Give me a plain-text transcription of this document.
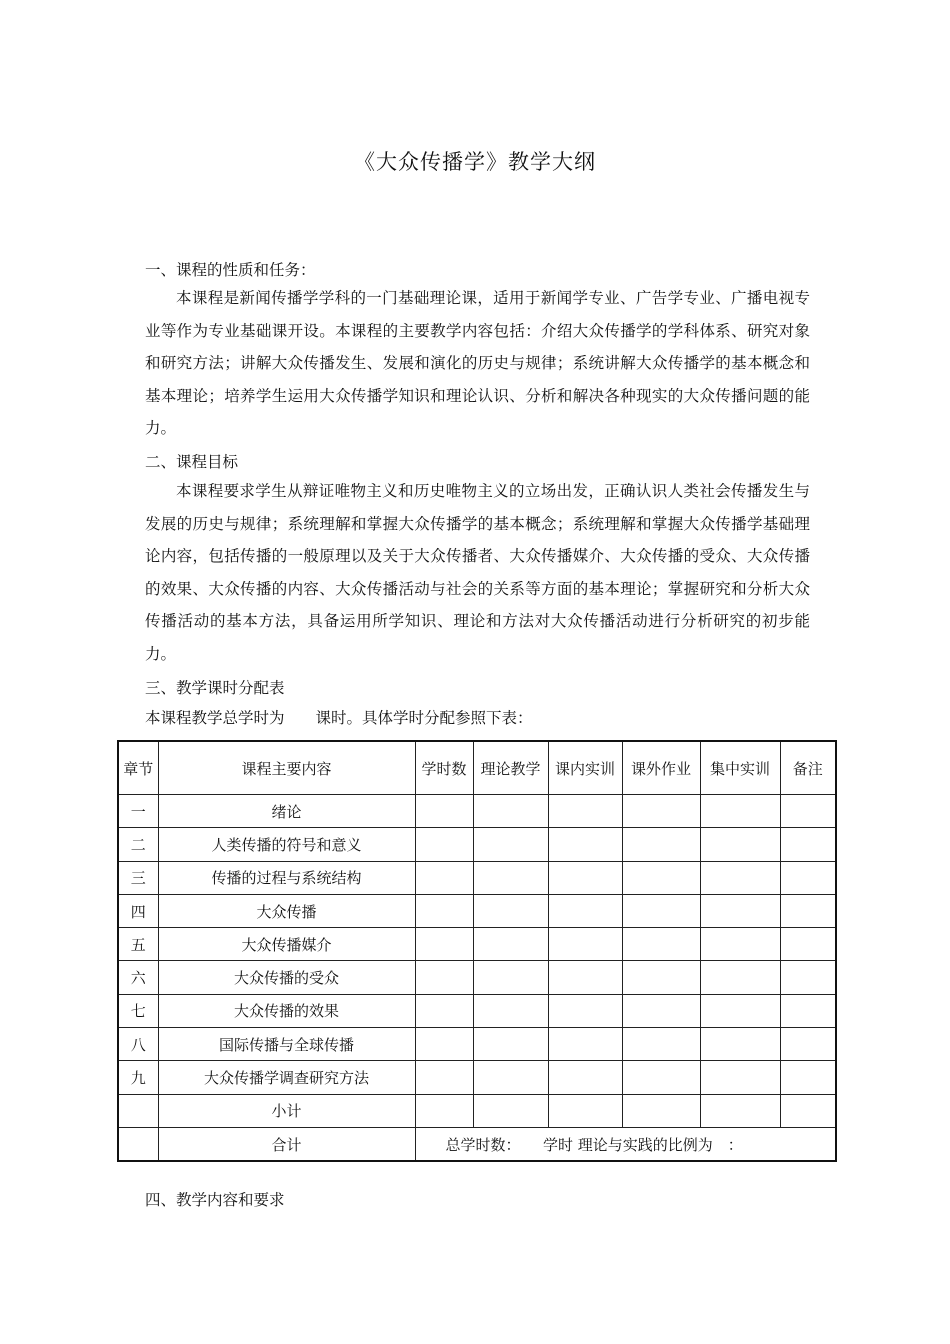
《大众传播学》教学大纲
一、课程的性质和任务：
本课程是新闻传播学学科的一门基础理论课，适用于新闻学专业、广告学专业、广播电视专业等作为专业基础课开设。本课程的主要教学内容包括：介绍大众传播学的学科体系、研究对象和研究方法；讲解大众传播发生、发展和演化的历史与规律；系统讲解大众传播学的基本概念和基本理论；培养学生运用大众传播学知识和理论认识、分析和解决各种现实的大众传播问题的能力。
二、课程目标
本课程要求学生从辩证唯物主义和历史唯物主义的立场出发，正确认识人类社会传播发生与发展的历史与规律；系统理解和掌握大众传播学的基本概念；系统理解和掌握大众传播学基础理论内容，包括传播的一般原理以及关于大众传播者、大众传播媒介、大众传播的受众、大众传播的效果、大众传播的内容、大众传播活动与社会的关系等方面的基本理论；掌握研究和分析大众传播活动的基本方法，具备运用所学知识、理论和方法对大众传播活动进行分析研究的初步能力。
三、教学课时分配表
本课程教学总学时为　　课时。具体学时分配参照下表：
章节	课程主要内容	学时数	理论教学	课内实训	课外作业	集中实训	备注
一	绪论						
二	人类传播的符号和意义						
三	传播的过程与系统结构						
四	大众传播						
五	大众传播媒介						
六	大众传播的受众						
七	大众传播的效果						
八	国际传播与全球传播						
九	大众传播学调查研究方法						
	小计						
	合计	总学时数：　　学时 理论与实践的比例为　：					
四、教学内容和要求
